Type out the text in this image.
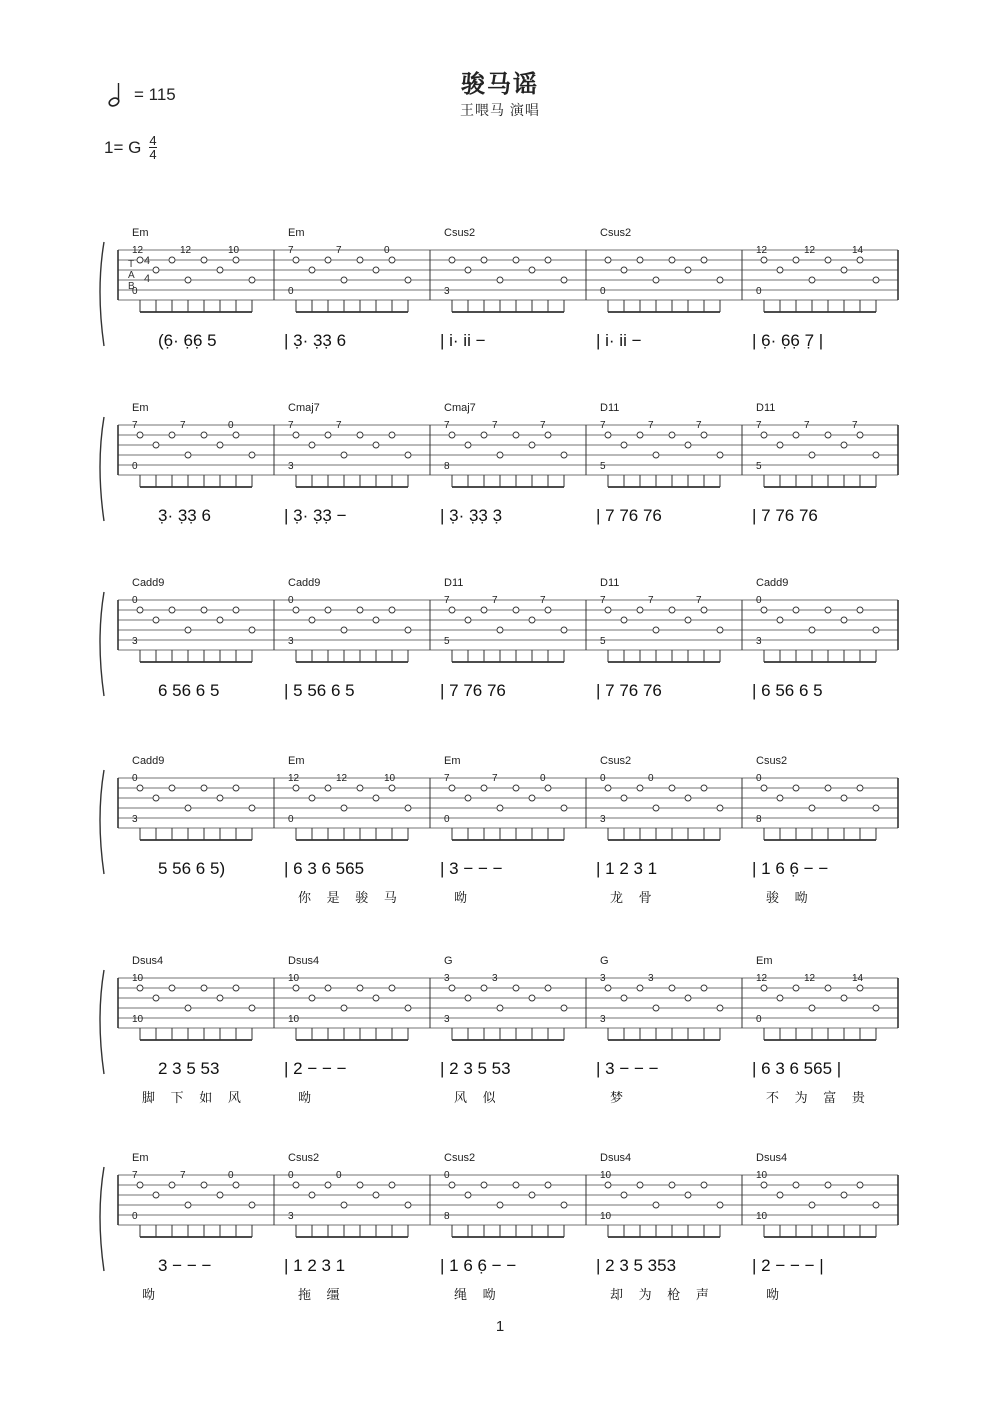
骏马谣
王喂马 演唱
= 115
1= G $\frac{4}{4}$
T
A
B
4
4
Em
12	12	10
0
(6̣· 6̣6̣ 5
Em
7	7	0
0
| 3̣· 3̣3̣ 6
Csus2
3
| i· ii −
Csus2
0
| i· ii −
12	12	14
0
| 6̣· 6̣6̣ 7̣ |
Em
7	7	0
0
3̣· 3̣3̣ 6
Cmaj7
7	7
3
| 3̣· 3̣3̣ −
Cmaj7
7	7	7
8
| 3̣· 3̣3̣ 3̣
D11
7	7	7
5
| 7 76 76
D11
7	7	7
5
| 7 76 76
Cadd9
0
3
6 56 6 5
Cadd9
0
3
| 5 56 6 5
D11
7	7	7
5
| 7 76 76
D11
7	7	7
5
| 7 76 76
Cadd9
0
3
| 6 56 6 5
Cadd9
0
3
5 56 6 5)
Em
12	12	10
0
| 6 3 6 565
你 是 骏 马
Em
7	7	0
0
| 3 − − −
呦
Csus2
0	0
3
| 1 2 3 1
龙 骨
Csus2
0
8
| 1 6 6̣ − −
骏 呦
Dsus4
10
10
2 3 5 53
脚 下 如 风
Dsus4
10
10
| 2 − − −
呦
G
3	3
3
| 2 3 5 53
风 似
G
3	3
3
| 3 − − −
梦
Em
12	12	14
0
| 6 3 6 565 |
不 为 富 贵
Em
7	7	0
0
3 − − −
呦
Csus2
0	0
3
| 1 2 3 1
拖 缰
Csus2
0
8
| 1 6 6̣ − −
绳 呦
Dsus4
10
10
| 2 3 5 353
却 为 枪 声
Dsus4
10
10
| 2 − − − |
呦
1
